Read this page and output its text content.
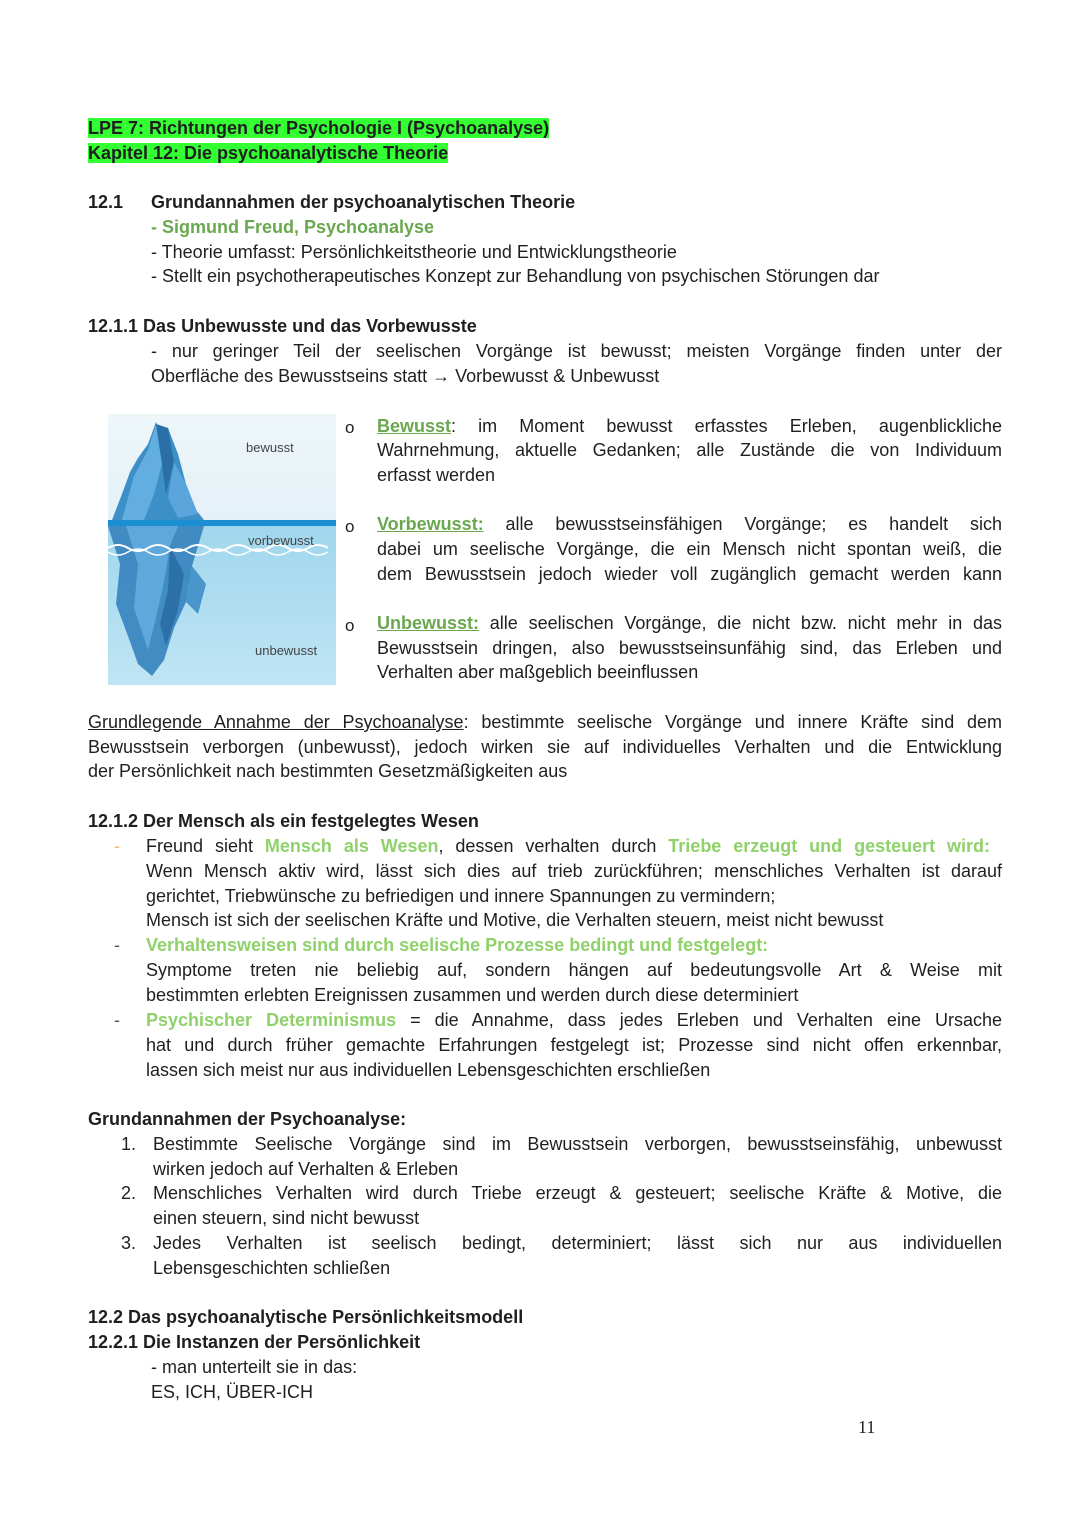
LPE 7: Richtungen der Psychologie I (Psychoanalyse)
Kapitel 12: Die psychoanalytische Theorie
12.1 Grundannahmen der psychoanalytischen Theorie
- Sigmund Freud, Psychoanalyse
- Theorie umfasst: Persönlichkeitstheorie und Entwicklungstheorie
- Stellt ein psychotherapeutisches Konzept zur Behandlung von psychischen Störungen dar
12.1.1 Das Unbewusste und das Vorbewusste
- nur geringer Teil der seelischen Vorgänge ist bewusst; meisten Vorgänge finden unter der
Oberfläche des Bewusstseins statt → Vorbewusst & Unbewusst
bewusst
vorbewusst
unbewusst
o Bewusst: im Moment bewusst erfasstes Erleben, augenblickliche
Wahrnehmung, aktuelle Gedanken; alle Zustände die von Individuum
erfasst werden
o Vorbewusst: alle bewusstseinsfähigen Vorgänge; es handelt sich
dabei um seelische Vorgänge, die ein Mensch nicht spontan weiß, die
dem Bewusstsein jedoch wieder voll zugänglich gemacht werden kann
o Unbewusst: alle seelischen Vorgänge, die nicht bzw. nicht mehr in das
Bewusstsein dringen, also bewusstseinsunfähig sind, das Erleben und
Verhalten aber maßgeblich beeinflussen
Grundlegende Annahme der Psychoanalyse: bestimmte seelische Vorgänge und innere Kräfte sind dem
Bewusstsein verborgen (unbewusst), jedoch wirken sie auf individuelles Verhalten und die Entwicklung
der Persönlichkeit nach bestimmten Gesetzmäßigkeiten aus
12.1.2 Der Mensch als ein festgelegtes Wesen
- Freund sieht Mensch als Wesen, dessen verhalten durch Triebe erzeugt und gesteuert wird:
Wenn Mensch aktiv wird, lässt sich dies auf trieb zurückführen; menschliches Verhalten ist darauf
gerichtet, Triebwünsche zu befriedigen und innere Spannungen zu vermindern;
Mensch ist sich der seelischen Kräfte und Motive, die Verhalten steuern, meist nicht bewusst
- Verhaltensweisen sind durch seelische Prozesse bedingt und festgelegt:
Symptome treten nie beliebig auf, sondern hängen auf bedeutungsvolle Art & Weise mit
bestimmten erlebten Ereignissen zusammen und werden durch diese determiniert
- Psychischer Determinismus = die Annahme, dass jedes Erleben und Verhalten eine Ursache
hat und durch früher gemachte Erfahrungen festgelegt ist; Prozesse sind nicht offen erkennbar,
lassen sich meist nur aus individuellen Lebensgeschichten erschließen
Grundannahmen der Psychoanalyse:
1. Bestimmte Seelische Vorgänge sind im Bewusstsein verborgen, bewusstseinsfähig, unbewusst
wirken jedoch auf Verhalten & Erleben
2. Menschliches Verhalten wird durch Triebe erzeugt & gesteuert; seelische Kräfte & Motive, die
einen steuern, sind nicht bewusst
3. Jedes Verhalten ist seelisch bedingt, determiniert; lässt sich nur aus individuellen
Lebensgeschichten schließen
12.2 Das psychoanalytische Persönlichkeitsmodell
12.2.1 Die Instanzen der Persönlichkeit
- man unterteilt sie in das:
ES, ICH, ÜBER-ICH
11
